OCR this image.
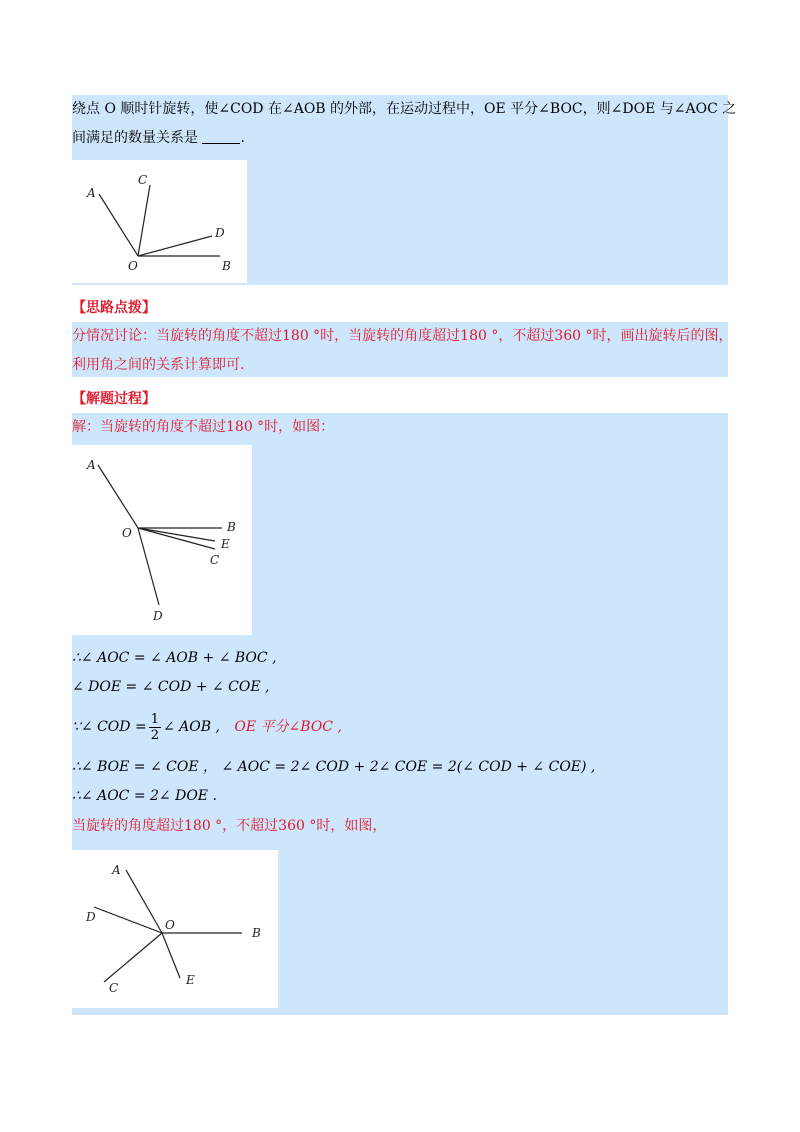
绕点 O 顺时针旋转，使∠COD 在∠AOB 的外部，在运动过程中，OE 平分∠BOC，则∠DOE 与∠AOC 之
间满足的数量关系是	.
A
C
D
O	B
【思路点拨】
分情况讨论：当旋转的角度不超过180 °时，当旋转的角度超过180 °，不超过360 °时，画出旋转后的图，
利用角之间的关系计算即可.
【解题过程】
解：当旋转的角度不超过180 °时，如图：
A
O	B
E
C
D
∴∠ AOC = ∠ AOB + ∠ BOC ,
∠ DOE = ∠ COD + ∠ COE ,
∵∠ COD = $\frac{1}{2}$ ∠ AOB , OE 平分∠BOC ,
∴∠ BOE = ∠ COE ， ∠ AOC = 2∠ COD + 2∠ COE = 2(∠ COD + ∠ COE) ,
∴∠ AOC = 2∠ DOE .
当旋转的角度超过180 °，不超过360 °时，如图，
A
D
O
B
C
E
